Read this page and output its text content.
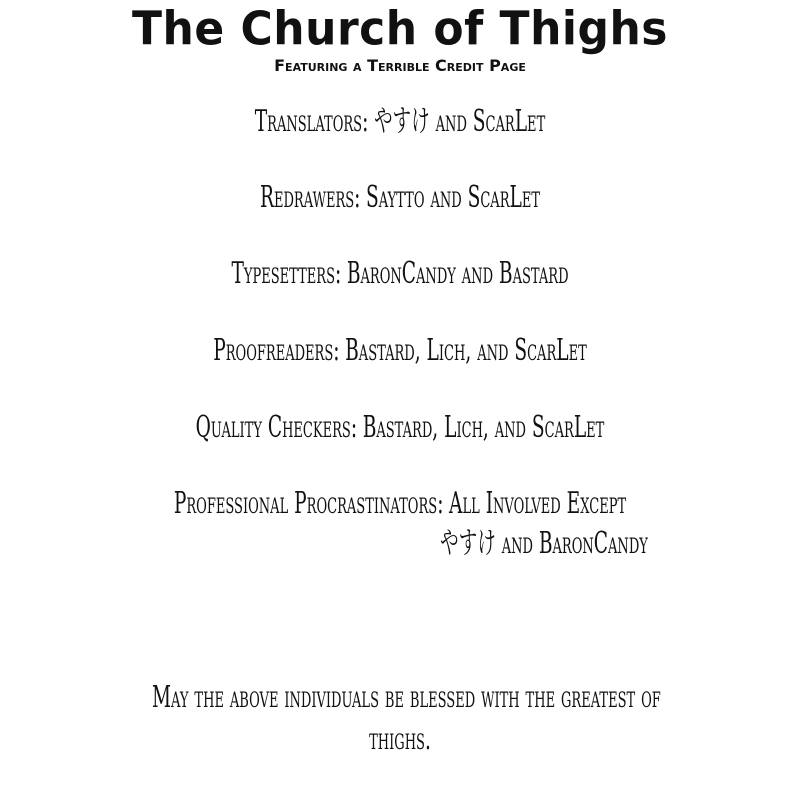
The Church of Thighs
Featuring a Terrible Credit Page
Translators: やすけ and ScarLet
Redrawers: Saytto and ScarLet
Typesetters: BaronCandy and Bastard
Proofreaders: Bastard, Lich, and ScarLet
Quality Checkers: Bastard, Lich, and ScarLet
Professional Procrastinators: All Involved Except
やすけ and BaronCandy
May the above individuals be blessed with the greatest of
thighs.
